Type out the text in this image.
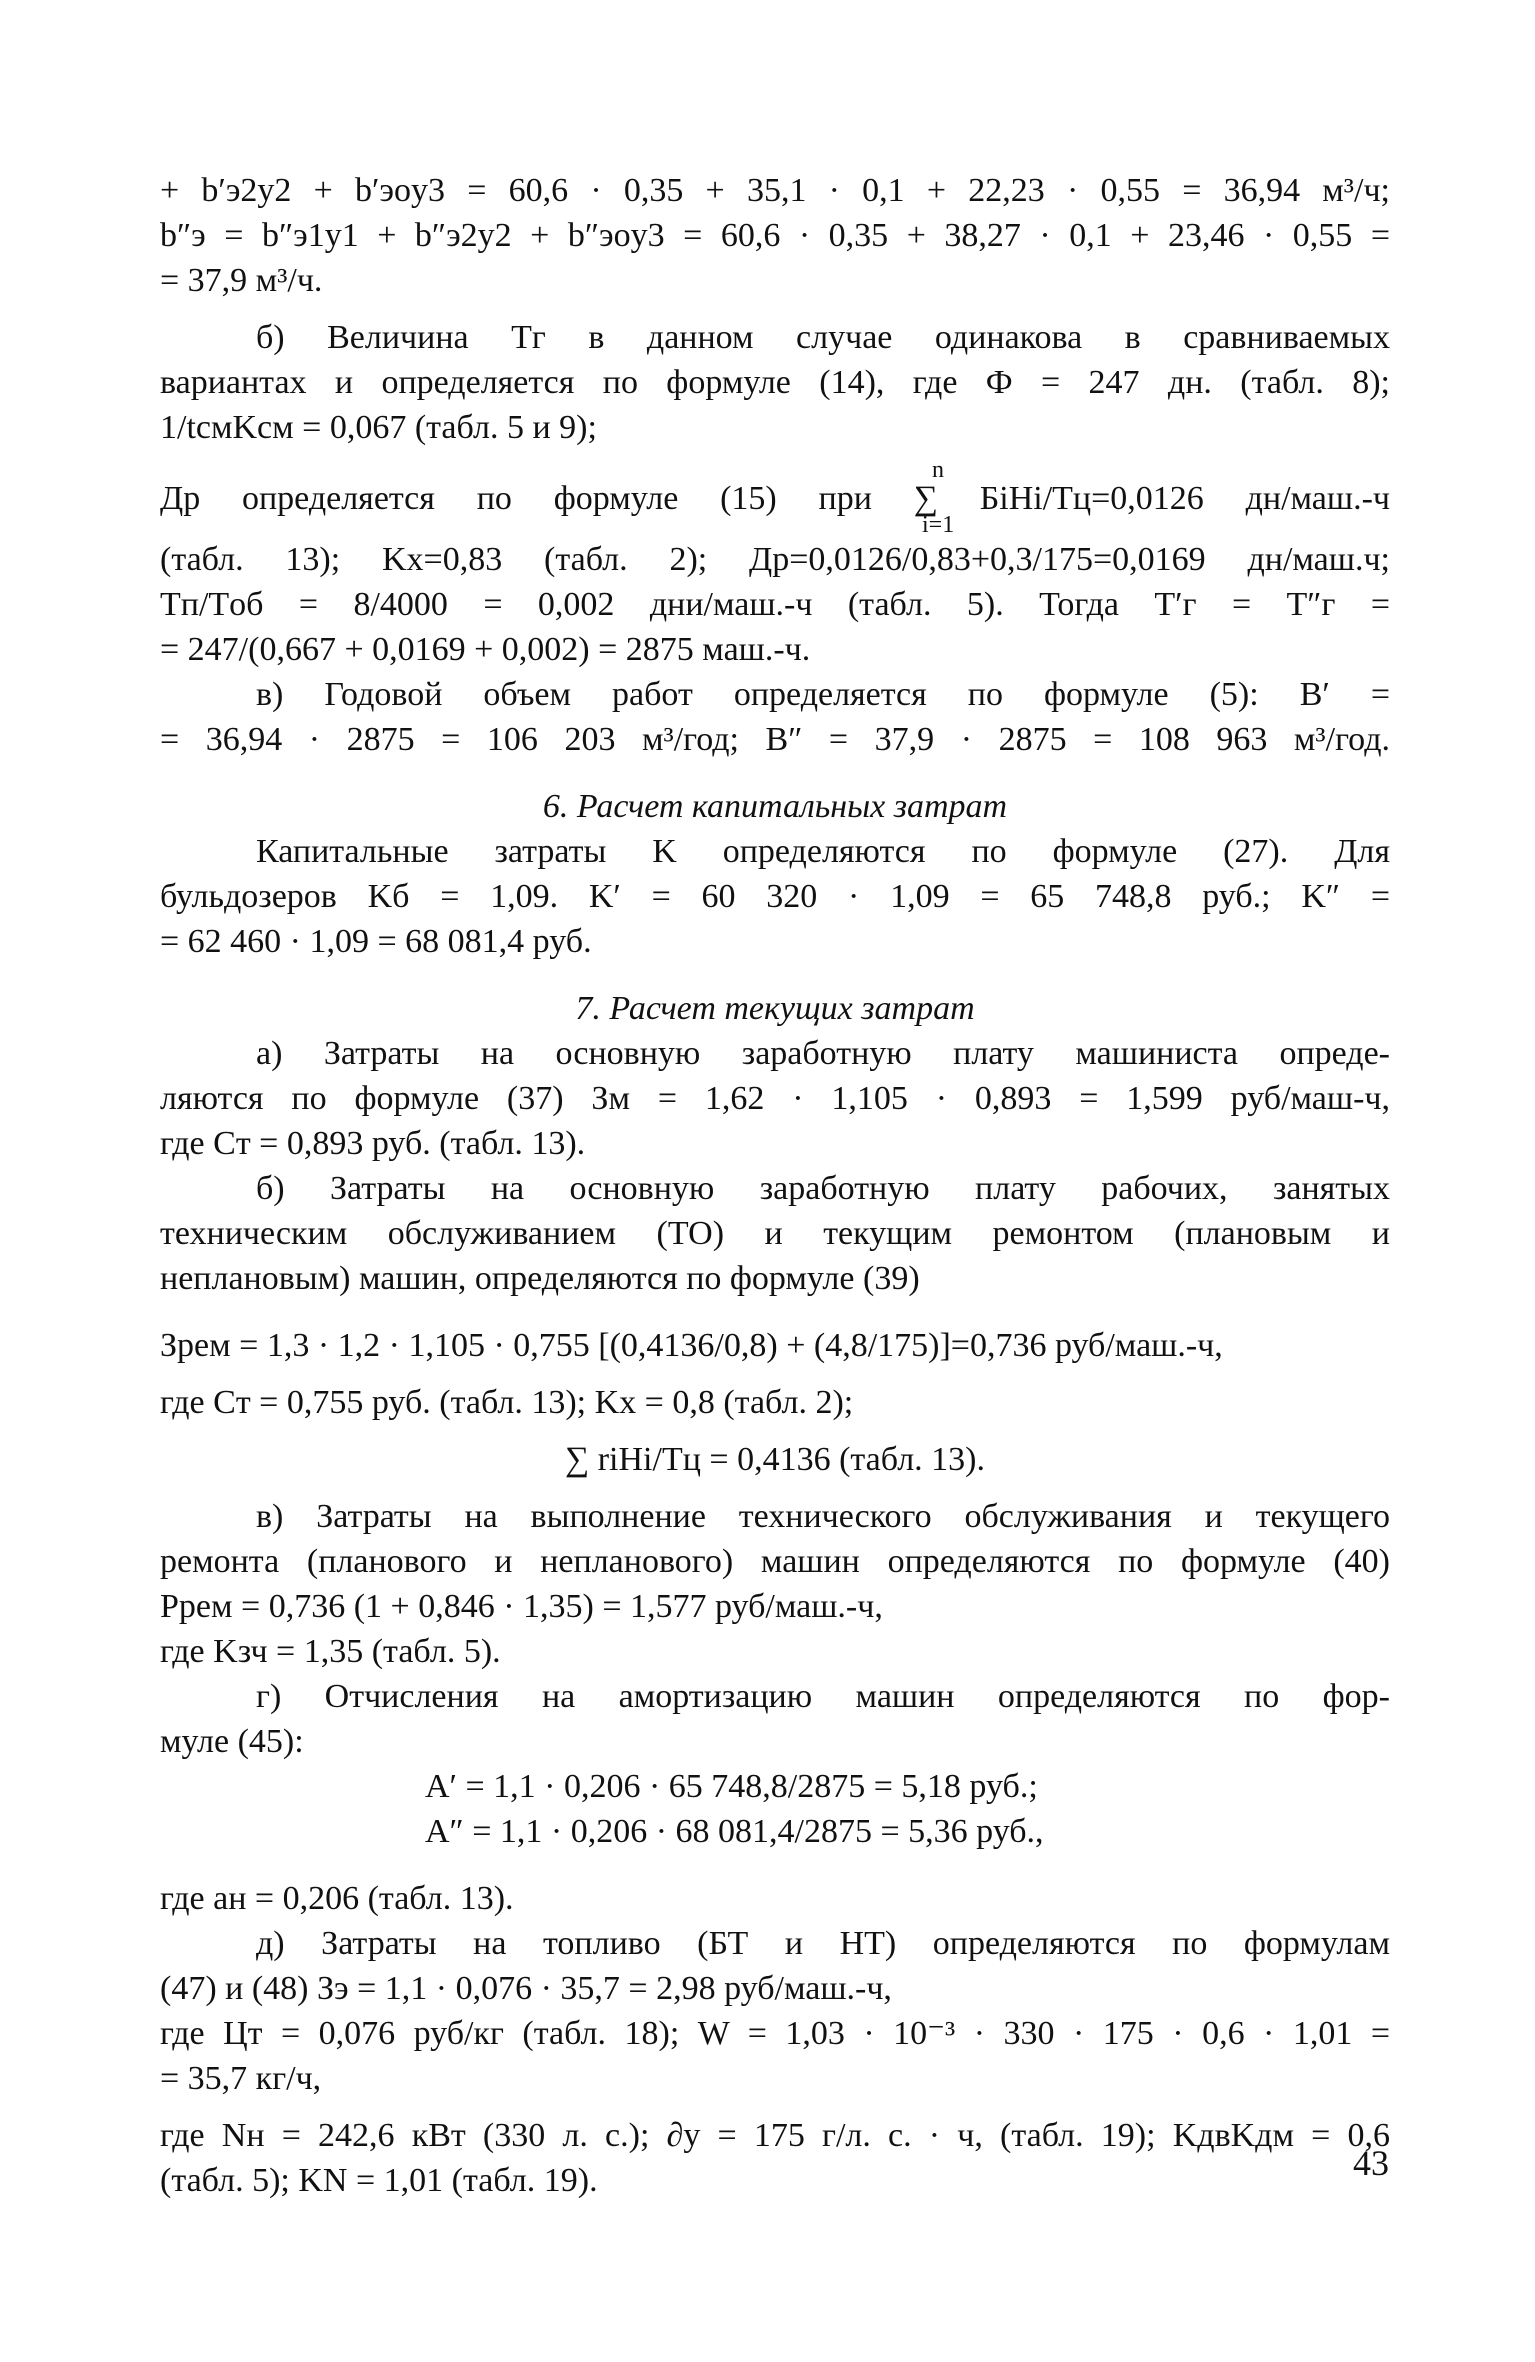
+ b′э2y2 + b′эoy3 = 60,6 · 0,35 + 35,1 · 0,1 + 22,23 · 0,55 = 36,94 м³/ч;
b″э = b″э1y1 + b″э2y2 + b″эoy3 = 60,6 · 0,35 + 38,27 · 0,1 + 23,46 · 0,55 =
= 37,9 м³/ч.
б) Величина Tг в данном случае одинакова в сравниваемых
вариантах и определяется по формуле (14), где Ф = 247 дн. (табл. 8);
1/tсмKсм = 0,067 (табл. 5 и 9);
n
Др определяется по формуле (15) при ∑ БiHi/Tц=0,0126 дн/маш.-ч
i=1
(табл. 13); Kх=0,83 (табл. 2); Др=0,0126/0,83+0,3/175=0,0169 дн/маш.ч;
Tп/Tоб = 8/4000 = 0,002 дни/маш.-ч (табл. 5). Тогда T′г = T″г =
= 247/(0,667 + 0,0169 + 0,002) = 2875 маш.-ч.
в) Годовой объем работ определяется по формуле (5): B′ =
= 36,94 · 2875 = 106 203 м³/год; B″ = 37,9 · 2875 = 108 963 м³/год.
6. Расчет капитальных затрат
Капитальные затраты K определяются по формуле (27). Для
бульдозеров Kб = 1,09. K′ = 60 320 · 1,09 = 65 748,8 руб.; K″ =
= 62 460 · 1,09 = 68 081,4 руб.
7. Расчет текущих затрат
а) Затраты на основную заработную плату машиниста опреде-
ляются по формуле (37) Зм = 1,62 · 1,105 · 0,893 = 1,599 руб/маш-ч,
где Cт = 0,893 руб. (табл. 13).
б) Затраты на основную заработную плату рабочих, занятых
техническим обслуживанием (ТО) и текущим ремонтом (плановым и
неплановым) машин, определяются по формуле (39)
Зрем = 1,3 · 1,2 · 1,105 · 0,755 [(0,4136/0,8) + (4,8/175)]=0,736 руб/маш.-ч,
где Cт = 0,755 руб. (табл. 13); Kх = 0,8 (табл. 2);
∑ riHi/Tц = 0,4136 (табл. 13).
в) Затраты на выполнение технического обслуживания и текущего
ремонта (планового и непланового) машин определяются по формуле (40)
Pрем = 0,736 (1 + 0,846 · 1,35) = 1,577 руб/маш.-ч,
где Kзч = 1,35 (табл. 5).
г) Отчисления на амортизацию машин определяются по фор-
муле (45):
A′ = 1,1 · 0,206 · 65 748,8/2875 = 5,18 руб.;
A″ = 1,1 · 0,206 · 68 081,4/2875 = 5,36 руб.,
где aн = 0,206 (табл. 13).
д) Затраты на топливо (БТ и НТ) определяются по формулам
(47) и (48) Зэ = 1,1 · 0,076 · 35,7 = 2,98 руб/маш.-ч,
где Цт = 0,076 руб/кг (табл. 18); W = 1,03 · 10⁻³ · 330 · 175 · 0,6 · 1,01 =
= 35,7 кг/ч,
где Nн = 242,6 кВт (330 л. с.); ∂y = 175 г/л. с. · ч, (табл. 19); KдвKдм = 0,6
(табл. 5); KN = 1,01 (табл. 19).	43
